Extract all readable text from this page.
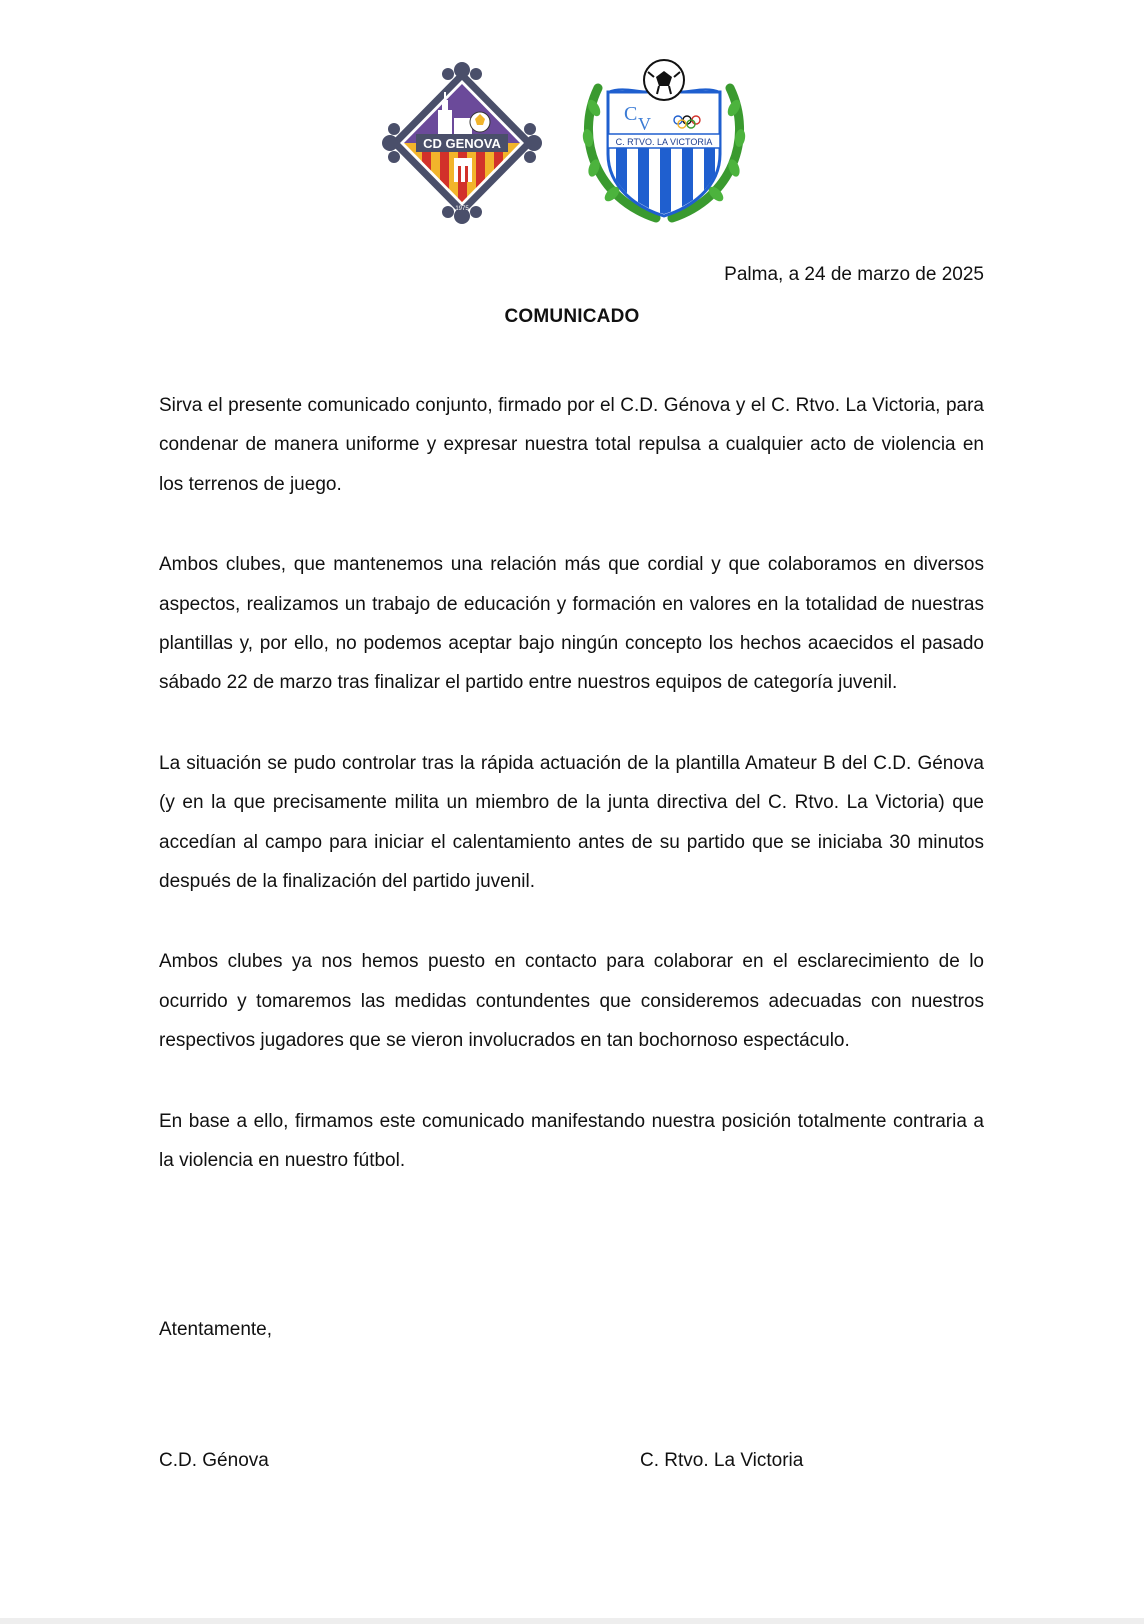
CD GENOVA
1975
C V
C. RTVO. LA VICTORIA
Palma, a 24 de marzo de 2025
COMUNICADO

Sirva el presente comunicado conjunto, firmado por el C.D. Génova y el C. Rtvo. La Victoria, para condenar de manera uniforme y expresar nuestra total repulsa a cualquier acto de violencia en los terrenos de juego.

Ambos clubes, que mantenemos una relación más que cordial y que colaboramos en diversos aspectos, realizamos un trabajo de educación y formación en valores en la totalidad de nuestras plantillas y, por ello, no podemos aceptar bajo ningún concepto los hechos acaecidos el pasado sábado 22 de marzo tras finalizar el partido entre nuestros equipos de categoría juvenil.

La situación se pudo controlar tras la rápida actuación de la plantilla Amateur B del C.D. Génova (y en la que precisamente milita un miembro de la junta directiva del C. Rtvo. La Victoria) que accedían al campo para iniciar el calentamiento antes de su partido que se iniciaba 30 minutos después de la finalización del partido juvenil.

Ambos clubes ya nos hemos puesto en contacto para colaborar en el esclarecimiento de lo ocurrido y tomaremos las medidas contundentes que consideremos adecuadas con nuestros respectivos jugadores que se vieron involucrados en tan bochornoso espectáculo.

En base a ello, firmamos este comunicado manifestando nuestra posición totalmente contraria a la violencia en nuestro fútbol.

Atentamente,
C.D. Génova	C. Rtvo. La Victoria
